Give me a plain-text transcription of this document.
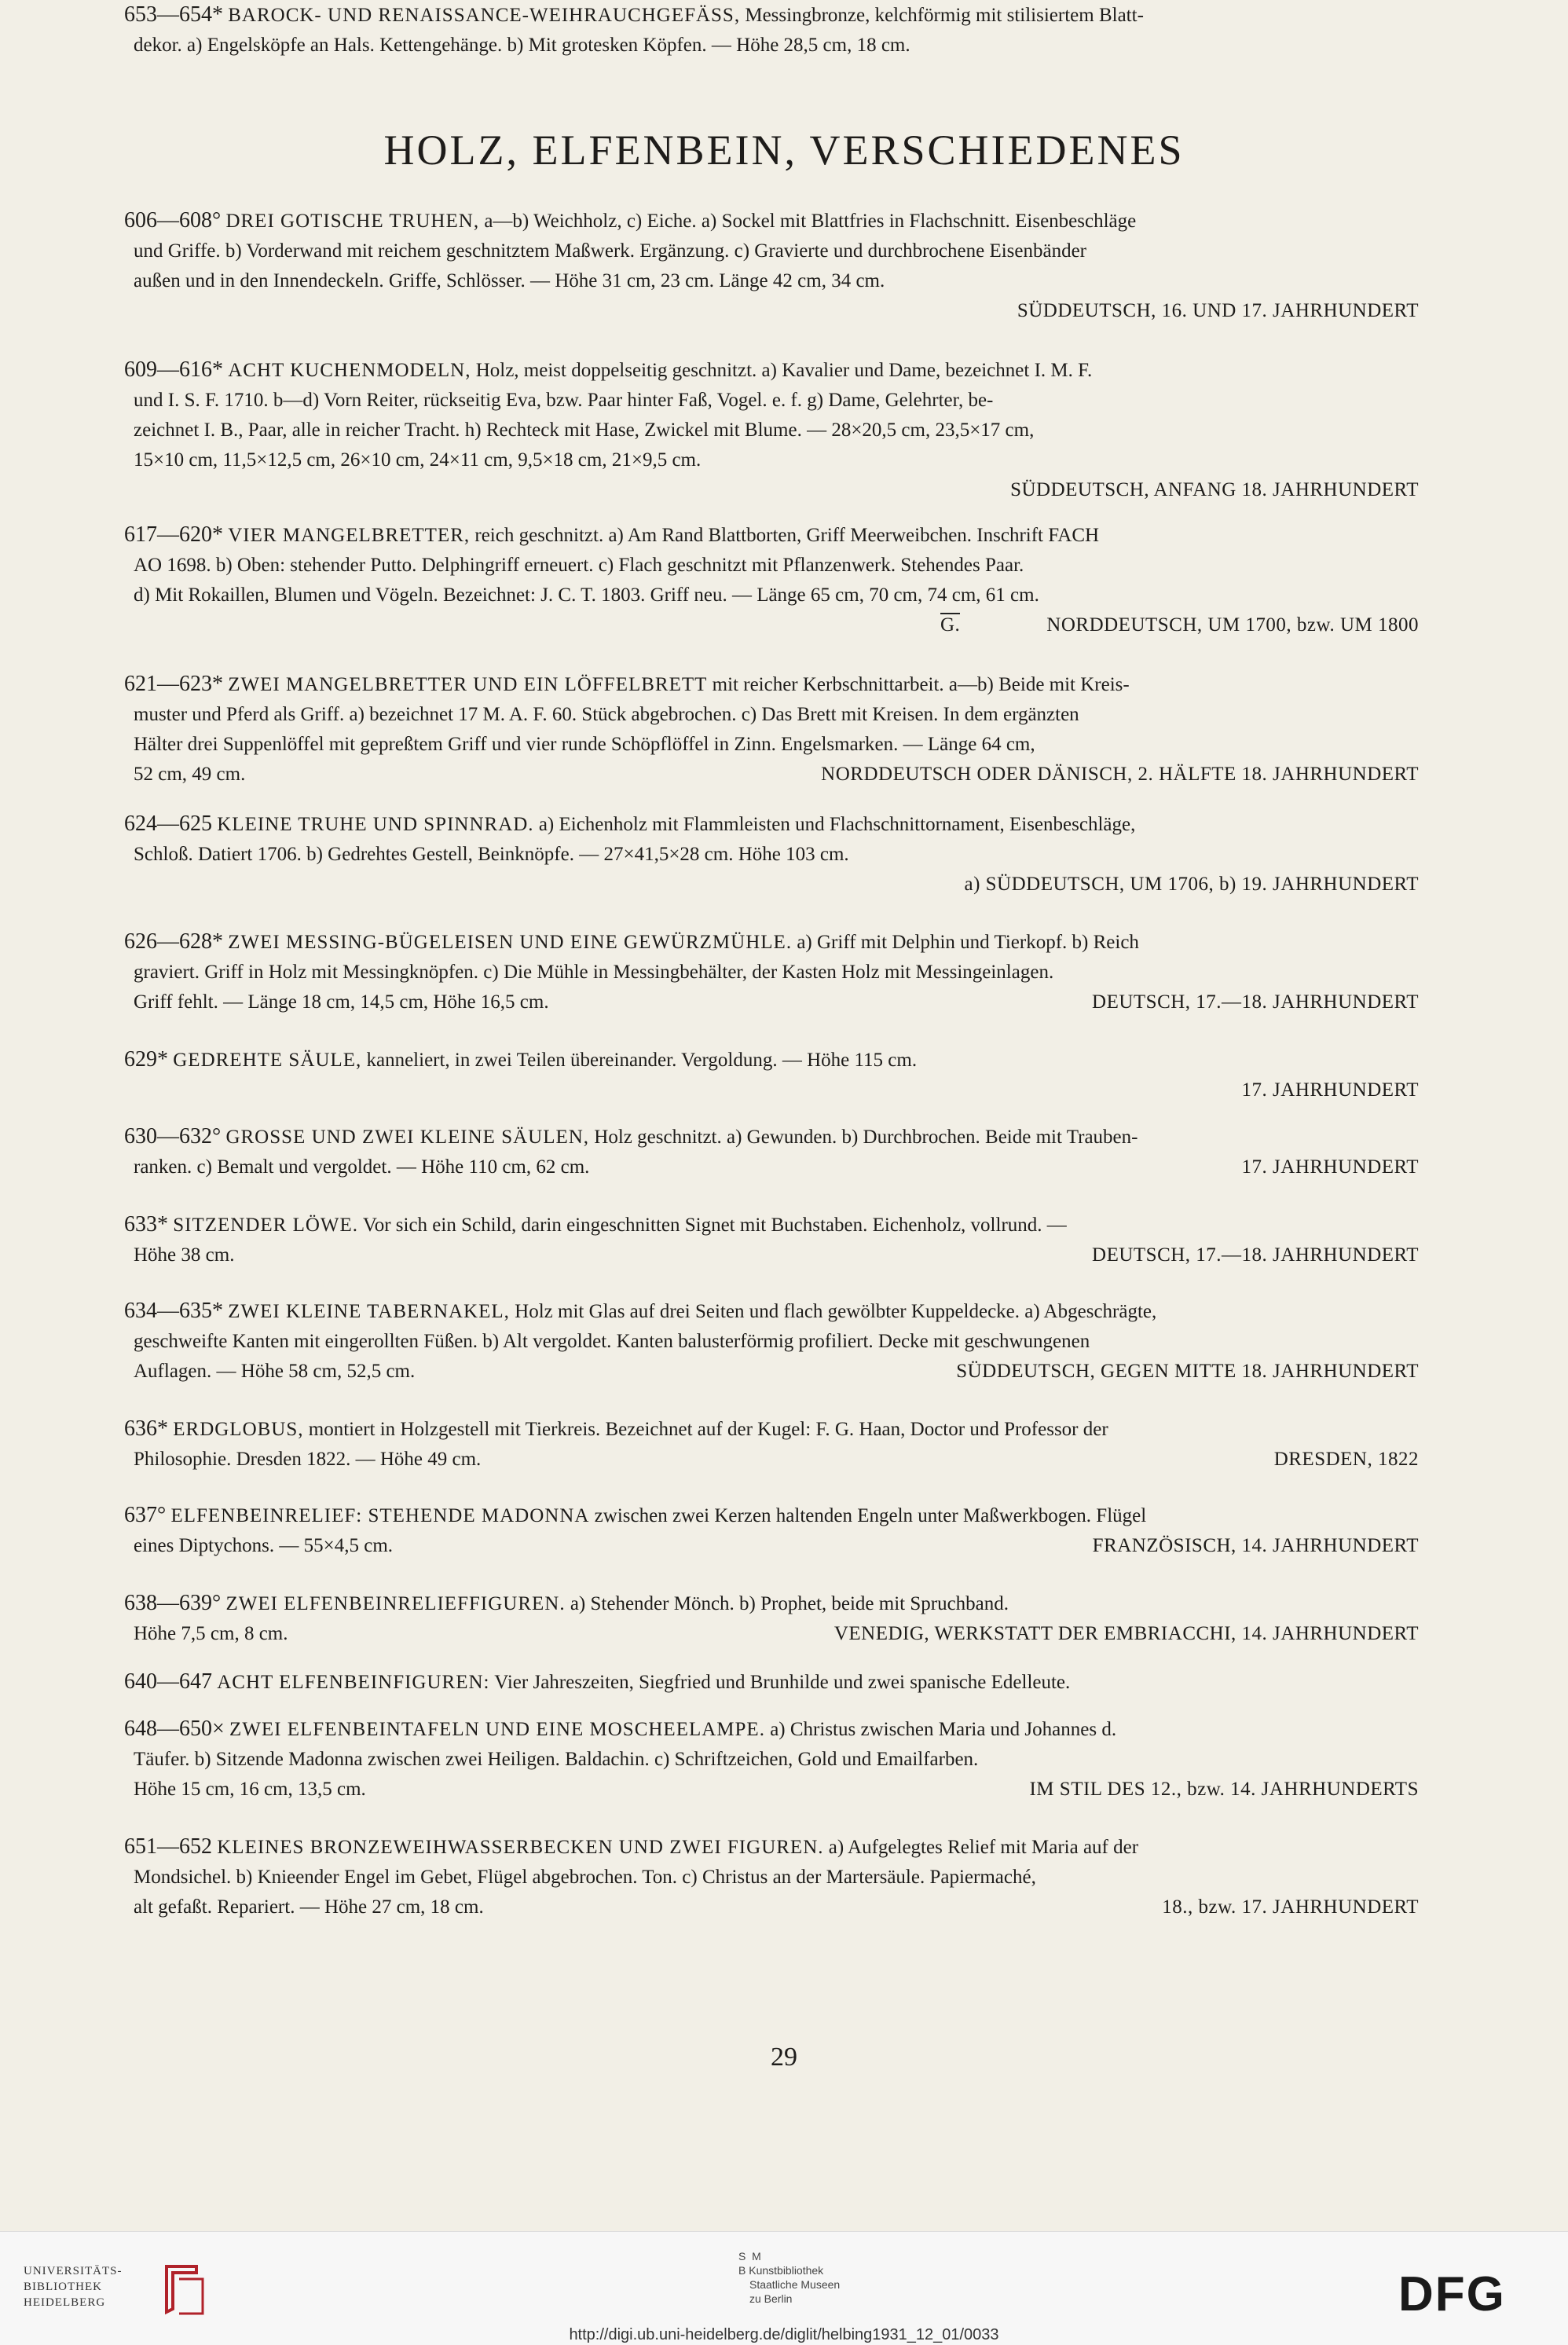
HOLZ, ELFENBEIN, VERSCHIEDENES

606—608° DREI GOTISCHE TRUHEN, a—b) Weichholz, c) Eiche. a) Sockel mit Blattfries in Flachschnitt. Eisenbeschläge

und Griffe. b) Vorderwand mit reichem geschnitztem Maßwerk. Ergänzung. c) Gravierte und durchbrochene Eisenbänder

außen und in den Innendeckeln. Griffe, Schlösser. — Höhe 31 cm, 23 cm. Länge 42 cm, 34 cm.

SÜDDEUTSCH, 16. UND 17. JAHRHUNDERT

609—616* ACHT KUCHENMODELN, Holz, meist doppelseitig geschnitzt. a) Kavalier und Dame, bezeichnet I. M. F.

und I. S. F. 1710. b—d) Vorn Reiter, rückseitig Eva, bzw. Paar hinter Faß, Vogel. e. f. g) Dame, Gelehrter, be-

zeichnet I. B., Paar, alle in reicher Tracht. h) Rechteck mit Hase, Zwickel mit Blume. — 28×20,5 cm, 23,5×17 cm,

15×10 cm, 11,5×12,5 cm, 26×10 cm, 24×11 cm, 9,5×18 cm, 21×9,5 cm.

SÜDDEUTSCH, ANFANG 18. JAHRHUNDERT

617—620* VIER MANGELBRETTER, reich geschnitzt. a) Am Rand Blattborten, Griff Meerweibchen. Inschrift FACH

AO 1698. b) Oben: stehender Putto. Delphingriff erneuert. c) Flach geschnitzt mit Pflanzenwerk. Stehendes Paar.

d) Mit Rokaillen, Blumen und Vögeln. Bezeichnet: J. C. T. 1803. Griff neu. — Länge 65 cm, 70 cm, 74 cm, 61 cm.

G.	NORDDEUTSCH, UM 1700, bzw. UM 1800

621—623* ZWEI MANGELBRETTER UND EIN LÖFFELBRETT mit reicher Kerbschnittarbeit. a—b) Beide mit Kreis-

muster und Pferd als Griff. a) bezeichnet 17 M. A. F. 60. Stück abgebrochen. c) Das Brett mit Kreisen. In dem ergänzten

Hälter drei Suppenlöffel mit gepreßtem Griff und vier runde Schöpflöffel in Zinn. Engelsmarken. — Länge 64 cm,

52 cm, 49 cm.	NORDDEUTSCH ODER DÄNISCH, 2. HÄLFTE 18. JAHRHUNDERT

624—625 KLEINE TRUHE UND SPINNRAD. a) Eichenholz mit Flammleisten und Flachschnittornament, Eisenbeschläge,

Schloß. Datiert 1706. b) Gedrehtes Gestell, Beinknöpfe. — 27×41,5×28 cm. Höhe 103 cm.

a) SÜDDEUTSCH, UM 1706, b) 19. JAHRHUNDERT

626—628* ZWEI MESSING-BÜGELEISEN UND EINE GEWÜRZMÜHLE. a) Griff mit Delphin und Tierkopf. b) Reich

graviert. Griff in Holz mit Messingknöpfen. c) Die Mühle in Messingbehälter, der Kasten Holz mit Messingeinlagen.

Griff fehlt. — Länge 18 cm, 14,5 cm, Höhe 16,5 cm.	DEUTSCH, 17.—18. JAHRHUNDERT

629* GEDREHTE SÄULE, kanneliert, in zwei Teilen übereinander. Vergoldung. — Höhe 115 cm.

17. JAHRHUNDERT

630—632° GROSSE UND ZWEI KLEINE SÄULEN, Holz geschnitzt. a) Gewunden. b) Durchbrochen. Beide mit Trauben-

ranken. c) Bemalt und vergoldet. — Höhe 110 cm, 62 cm.	17. JAHRHUNDERT

633* SITZENDER LÖWE. Vor sich ein Schild, darin eingeschnitten Signet mit Buchstaben. Eichenholz, vollrund. —

Höhe 38 cm.	DEUTSCH, 17.—18. JAHRHUNDERT

634—635* ZWEI KLEINE TABERNAKEL, Holz mit Glas auf drei Seiten und flach gewölbter Kuppeldecke. a) Abgeschrägte,

geschweifte Kanten mit eingerollten Füßen. b) Alt vergoldet. Kanten balusterförmig profiliert. Decke mit geschwungenen

Auflagen. — Höhe 58 cm, 52,5 cm.	SÜDDEUTSCH, GEGEN MITTE 18. JAHRHUNDERT

636* ERDGLOBUS, montiert in Holzgestell mit Tierkreis. Bezeichnet auf der Kugel: F. G. Haan, Doctor und Professor der

Philosophie. Dresden 1822. — Höhe 49 cm.	DRESDEN, 1822

637° ELFENBEINRELIEF: STEHENDE MADONNA zwischen zwei Kerzen haltenden Engeln unter Maßwerkbogen. Flügel

eines Diptychons. — 55×4,5 cm.	FRANZÖSISCH, 14. JAHRHUNDERT

638—639° ZWEI ELFENBEINRELIEFFIGUREN. a) Stehender Mönch. b) Prophet, beide mit Spruchband.

Höhe 7,5 cm, 8 cm.	VENEDIG, WERKSTATT DER EMBRIACCHI, 14. JAHRHUNDERT

640—647 ACHT ELFENBEINFIGUREN: Vier Jahreszeiten, Siegfried und Brunhilde und zwei spanische Edelleute.

648—650× ZWEI ELFENBEINTAFELN UND EINE MOSCHEELAMPE. a) Christus zwischen Maria und Johannes d.

Täufer. b) Sitzende Madonna zwischen zwei Heiligen. Baldachin. c) Schriftzeichen, Gold und Emailfarben.

Höhe 15 cm, 16 cm, 13,5 cm.	IM STIL DES 12., bzw. 14. JAHRHUNDERTS

651—652 KLEINES BRONZEWEIHWASSERBECKEN UND ZWEI FIGUREN. a) Aufgelegtes Relief mit Maria auf der

Mondsichel. b) Knieender Engel im Gebet, Flügel abgebrochen. Ton. c) Christus an der Martersäule. Papiermaché,

alt gefaßt. Repariert. — Höhe 27 cm, 18 cm.	18., bzw. 17. JAHRHUNDERT

653—654* BAROCK- UND RENAISSANCE-WEIHRAUCHGEFÄSS, Messingbronze, kelchförmig mit stilisiertem Blatt-

dekor. a) Engelsköpfe an Hals. Kettengehänge. b) Mit grotesken Köpfen. — Höhe 28,5 cm, 18 cm.

29
UNIVERSITÄTS-
BIBLIOTHEK
HEIDELBERG
S M
B Kunstbibliothek
Staatliche Museen
zu Berlin	DFG
http://digi.ub.uni-heidelberg.de/diglit/helbing1931_12_01/0033
